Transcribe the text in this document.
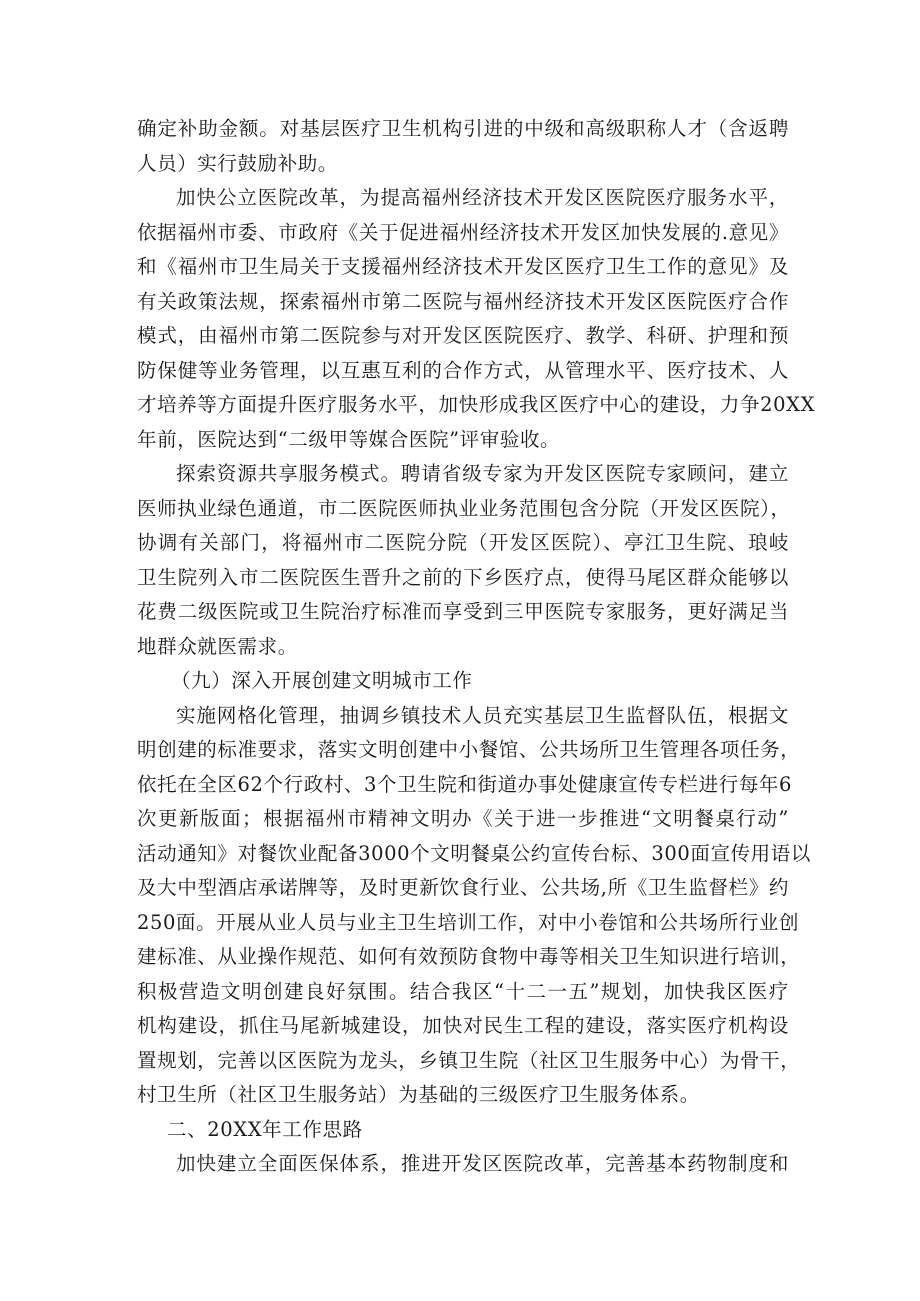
确定补助金额。对基层医疗卫生机构引进的中级和高级职称人才（含返聘
人员）实行鼓励补助。
加快公立医院改革，为提高福州经济技术开发区医院医疗服务水平，
依据福州市委、市政府《关于促进福州经济技术开发区加快发展的.意见》
和《福州市卫生局关于支援福州经济技术开发区医疗卫生工作的意见》及
有关政策法规，探索福州市第二医院与福州经济技术开发区医院医疗合作
模式，由福州市第二医院参与对开发区医院医疗、教学、科研、护理和预
防保健等业务管理，以互惠互利的合作方式，从管理水平、医疗技术、人
才培养等方面提升医疗服务水平，加快形成我区医疗中心的建设，力争20XX
年前，医院达到“二级甲等媒合医院”评审验收。
探索资源共享服务模式。聘请省级专家为开发区医院专家顾问，建立
医师执业绿色通道，市二医院医师执业业务范围包含分院（开发区医院），
协调有关部门，将福州市二医院分院（开发区医院）、亭江卫生院、琅岐
卫生院列入市二医院医生晋升之前的下乡医疗点，使得马尾区群众能够以
花费二级医院或卫生院治疗标准而享受到三甲医院专家服务，更好满足当
地群众就医需求。
（九）深入开展创建文明城市工作
实施网格化管理，抽调乡镇技术人员充实基层卫生监督队伍，根据文
明创建的标准要求，落实文明创建中小餐馆、公共场所卫生管理各项任务，
依托在全区62个行政村、3个卫生院和街道办事处健康宣传专栏进行每年6
次更新版面；根据福州市精神文明办《关于进一步推进“文明餐桌行动”
活动通知》对餐饮业配备3000个文明餐桌公约宣传台标、300面宣传用语以
及大中型酒店承诺牌等，及时更新饮食行业、公共场,所《卫生监督栏》约
250面。开展从业人员与业主卫生培训工作，对中小卷馆和公共场所行业创
建标准、从业操作规范、如何有效预防食物中毒等相关卫生知识进行培训，
积极营造文明创建良好氛围。结合我区“十二一五”规划，加快我区医疗
机构建设，抓住马尾新城建设，加快对民生工程的建设，落实医疗机构设
置规划，完善以区医院为龙头，乡镇卫生院（社区卫生服务中心）为骨干，
村卫生所（社区卫生服务站）为基础的三级医疗卫生服务体系。
二、20XX年工作思路
加快建立全面医保体系，推进开发区医院改革，完善基本药物制度和
